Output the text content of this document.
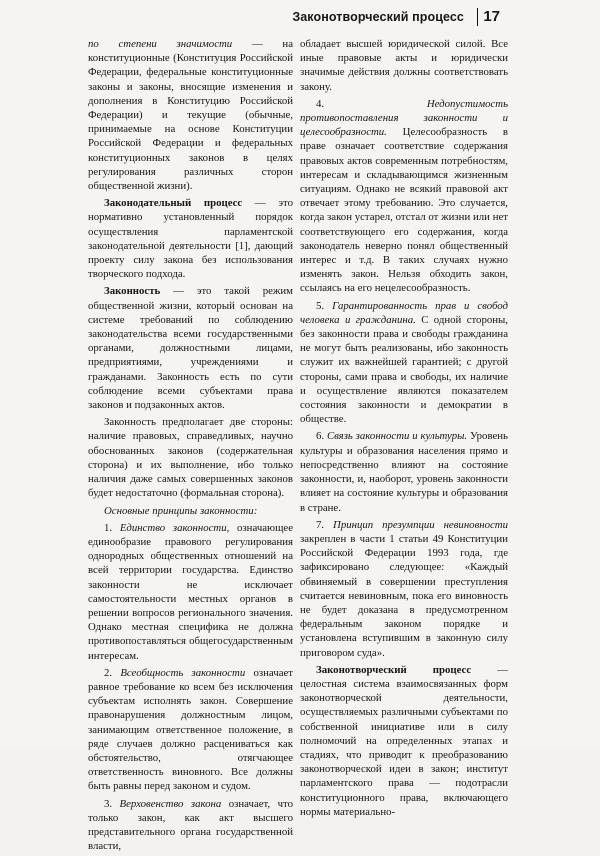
Законотворческий процесс 17

по степени значимости — на конституционные (Конституция Российской Федерации, федеральные конституционные законы и законы, вносящие изменения и дополнения в Конституцию Российской Федерации) и текущие (обычные, принимаемые на основе Конституции Российской Федерации и федеральных конституционных законов в целях регулирования различных сторон общественной жизни).

Законодательный процесс — это нормативно установленный порядок осуществления парламентской законодательной деятельности [1], дающий проекту силу закона без использования творческого подхода.

Законность — это такой режим общественной жизни, который основан на системе требований по соблюдению законодательства всеми государственными органами, должностными лицами, предприятиями, учреждениями и гражданами. Законность есть по сути соблюдение всеми субъектами права законов и подзаконных актов.

Законность предполагает две стороны: наличие правовых, справедливых, научно обоснованных законов (содержательная сторона) и их выполнение, ибо только наличия даже самых совершенных законов будет недостаточно (формальная сторона).

Основные принципы законности:

1. Единство законности, означающее единообразие правового регулирования однородных общественных отношений на всей территории государства. Единство законности не исключает самостоятельности местных органов в решении вопросов регионального значения. Однако местная специфика не должна противопоставляться общегосударственным интересам.

2. Всеобщность законности означает равное требование ко всем без исключения субъектам исполнять закон. Совершение правонарушения должностным лицом, занимающим ответственное положение, в ряде случаев должно расцениваться как обстоятельство, отягчающее ответственность виновного. Все должны быть равны перед законом и судом.

3. Верховенство закона означает, что только закон, как акт высшего представительного органа государственной власти,

обладает высшей юридической силой. Все иные правовые акты и юридически значимые действия должны соответствовать закону.

4. Недопустимость противопоставления законности и целесообразности. Целесообразность в праве означает соответствие содержания правовых актов современным потребностям, интересам и складывающимся жизненным ситуациям. Однако не всякий правовой акт отвечает этому требованию. Это случается, когда закон устарел, отстал от жизни или нет соответствующего его содержания, когда законодатель неверно понял общественный интерес и т.д. В таких случаях нужно изменять закон. Нельзя обходить закон, ссылаясь на его нецелесообразность.

5. Гарантированность прав и свобод человека и гражданина. С одной стороны, без законности права и свободы гражданина не могут быть реализованы, ибо законность служит их важнейшей гарантией; с другой стороны, сами права и свободы, их наличие и осуществление являются показателем состояния законности и демократии в обществе.

6. Связь законности и культуры. Уровень культуры и образования населения прямо и непосредственно влияют на состояние законности, и, наоборот, уровень законности влияет на состояние культуры и образования в стране.

7. Принцип презумпции невиновности закреплен в части 1 статьи 49 Конституции Российской Федерации 1993 года, где зафиксировано следующее: «Каждый обвиняемый в совершении преступления считается невиновным, пока его виновность не будет доказана в предусмотренном федеральным законом порядке и установлена вступившим в законную силу приговором суда».

Законотворческий процесс — целостная система взаимосвязанных форм законотворческой деятельности, осуществляемых различными субъектами по собственной инициативе или в силу полномочий на определенных этапах и стадиях, что приводит к преобразованию законотворческой идеи в закон; институт парламентского права — подотрасли конституционного права, включающего нормы материально-
